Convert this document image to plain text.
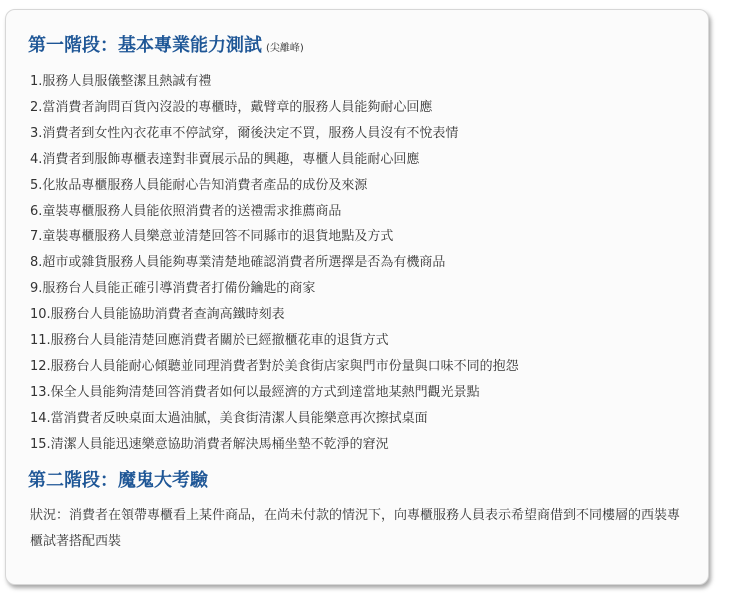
第一階段：基本專業能力測試 (尖離峰)
1.服務人員服儀整潔且熱誠有禮
2.當消費者詢問百貨內沒設的專櫃時，戴臂章的服務人員能夠耐心回應
3.消費者到女性內衣花車不停試穿，爾後決定不買，服務人員沒有不悅表情
4.消費者到服飾專櫃表達對非賣展示品的興趣，專櫃人員能耐心回應
5.化妝品專櫃服務人員能耐心告知消費者產品的成份及來源
6.童裝專櫃服務人員能依照消費者的送禮需求推薦商品
7.童裝專櫃服務人員樂意並清楚回答不同縣市的退貨地點及方式
8.超市或雜貨服務人員能夠專業清楚地確認消費者所選擇是否為有機商品
9.服務台人員能正確引導消費者打備份鑰匙的商家
10.服務台人員能協助消費者查詢高鐵時刻表
11.服務台人員能清楚回應消費者關於已經撤櫃花車的退貨方式
12.服務台人員能耐心傾聽並同理消費者對於美食街店家與門市份量與口味不同的抱怨
13.保全人員能夠清楚回答消費者如何以最經濟的方式到達當地某熱門觀光景點
14.當消費者反映桌面太過油膩，美食街清潔人員能樂意再次擦拭桌面
15.清潔人員能迅速樂意協助消費者解決馬桶坐墊不乾淨的窘況
第二階段：魔鬼大考驗

狀況：消費者在領帶專櫃看上某件商品，在尚未付款的情況下，向專櫃服務人員表示希望商借到不同樓層的西裝專櫃試著搭配西裝
